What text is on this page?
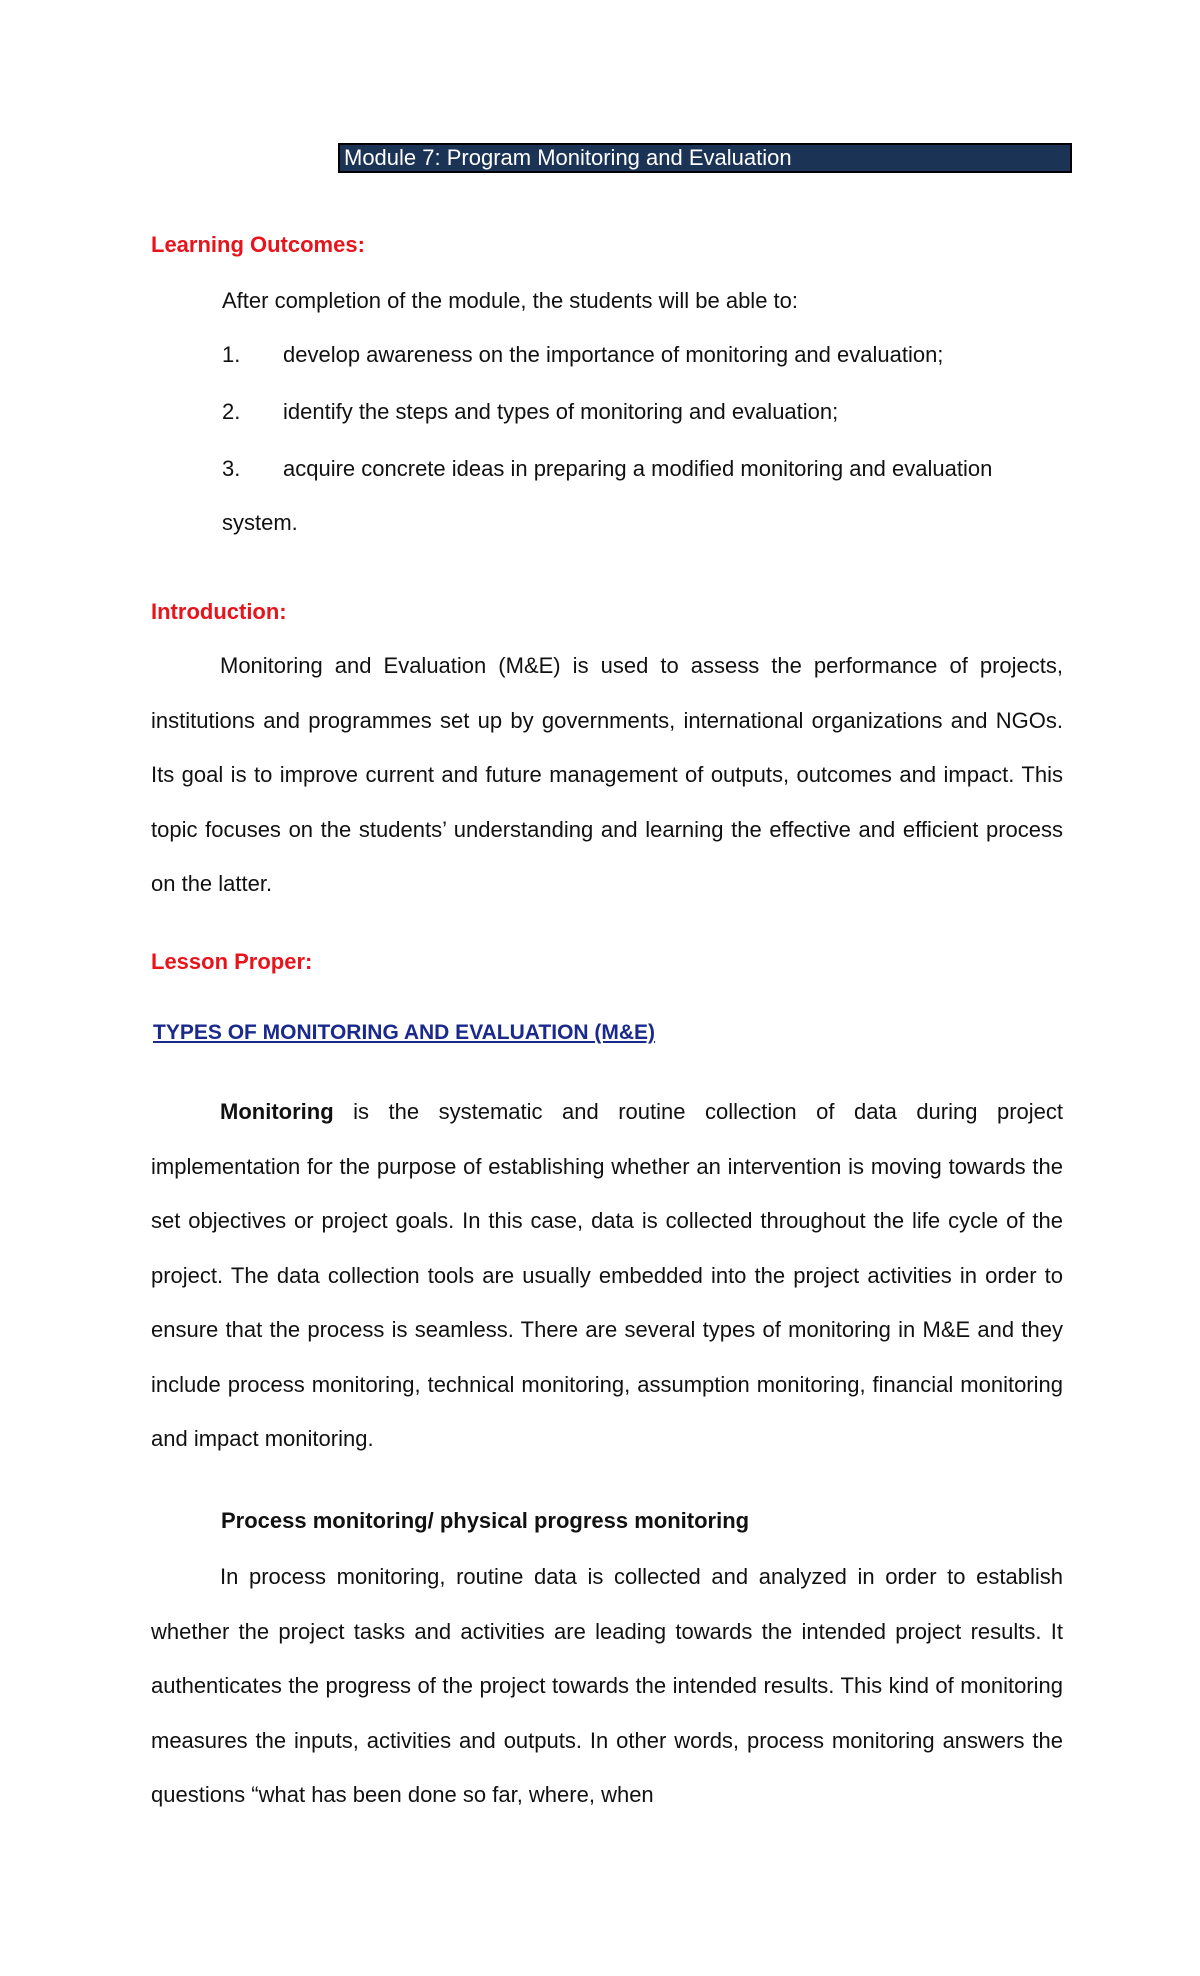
Module 7: Program Monitoring and Evaluation
Learning Outcomes:
After completion of the module, the students will be able to:
1. develop awareness on the importance of monitoring and evaluation;
2. identify the steps and types of monitoring and evaluation;
3. acquire concrete ideas in preparing a modified monitoring and evaluation
system.
Introduction:

Monitoring and Evaluation (M&E) is used to assess the performance of projects, institutions and programmes set up by governments, international organizations and NGOs. Its goal is to improve current and future management of outputs, outcomes and impact. This topic focuses on the students’ understanding and learning the effective and efficient process on the latter.

Lesson Proper:
TYPES OF MONITORING AND EVALUATION (M&E)

Monitoring is the systematic and routine collection of data during project implementation for the purpose of establishing whether an intervention is moving towards the set objectives or project goals. In this case, data is collected throughout the life cycle of the project. The data collection tools are usually embedded into the project activities in order to ensure that the process is seamless. There are several types of monitoring in M&E and they include process monitoring, technical monitoring, assumption monitoring, financial monitoring and impact monitoring.

Process monitoring/ physical progress monitoring

In process monitoring, routine data is collected and analyzed in order to establish whether the project tasks and activities are leading towards the intended project results. It authenticates the progress of the project towards the intended results. This kind of monitoring measures the inputs, activities and outputs. In other words, process monitoring answers the questions “what has been done so far, where, when
